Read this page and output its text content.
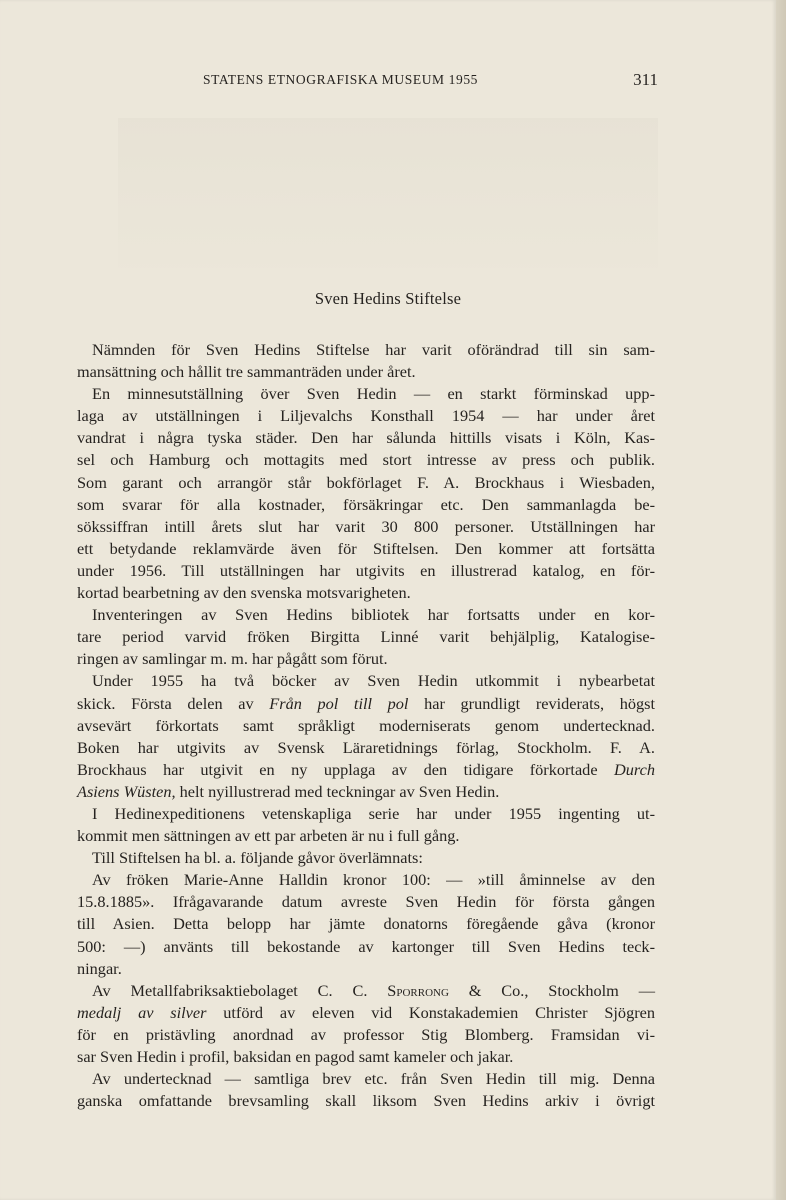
STATENS ETNOGRAFISKA MUSEUM 1955	311
Sven Hedins Stiftelse
Nämnden för Sven Hedins Stiftelse har varit oförändrad till sin sam-
mansättning och hållit tre sammanträden under året.
En minnesutställning över Sven Hedin — en starkt förminskad upp-
laga av utställningen i Liljevalchs Konsthall 1954 — har under året
vandrat i några tyska städer. Den har sålunda hittills visats i Köln, Kas-
sel och Hamburg och mottagits med stort intresse av press och publik.
Som garant och arrangör står bokförlaget F. A. Brockhaus i Wiesbaden,
som svarar för alla kostnader, försäkringar etc. Den sammanlagda be-
sökssiffran intill årets slut har varit 30 800 personer. Utställningen har
ett betydande reklamvärde även för Stiftelsen. Den kommer att fortsätta
under 1956. Till utställningen har utgivits en illustrerad katalog, en för-
kortad bearbetning av den svenska motsvarigheten.
Inventeringen av Sven Hedins bibliotek har fortsatts under en kor-
tare period varvid fröken Birgitta Linné varit behjälplig, Katalogise-
ringen av samlingar m. m. har pågått som förut.
Under 1955 ha två böcker av Sven Hedin utkommit i nybearbetat
skick. Första delen av Från pol till pol har grundligt reviderats, högst
avsevärt förkortats samt språkligt moderniserats genom undertecknad.
Boken har utgivits av Svensk Läraretidnings förlag, Stockholm. F. A.
Brockhaus har utgivit en ny upplaga av den tidigare förkortade Durch
Asiens Wüsten, helt nyillustrerad med teckningar av Sven Hedin.
I Hedinexpeditionens vetenskapliga serie har under 1955 ingenting ut-
kommit men sättningen av ett par arbeten är nu i full gång.
Till Stiftelsen ha bl. a. följande gåvor överlämnats:
Av fröken Marie-Anne Halldin kronor 100: — »till åminnelse av den
15.8.1885». Ifrågavarande datum avreste Sven Hedin för första gången
till Asien. Detta belopp har jämte donatorns föregående gåva (kronor
500: —) använts till bekostande av kartonger till Sven Hedins teck-
ningar.
Av Metallfabriksaktiebolaget C. C. Sporrong & Co., Stockholm —
medalj av silver utförd av eleven vid Konstakademien Christer Sjögren
för en pristävling anordnad av professor Stig Blomberg. Framsidan vi-
sar Sven Hedin i profil, baksidan en pagod samt kameler och jakar.
Av undertecknad — samtliga brev etc. från Sven Hedin till mig. Denna
ganska omfattande brevsamling skall liksom Sven Hedins arkiv i övrigt
